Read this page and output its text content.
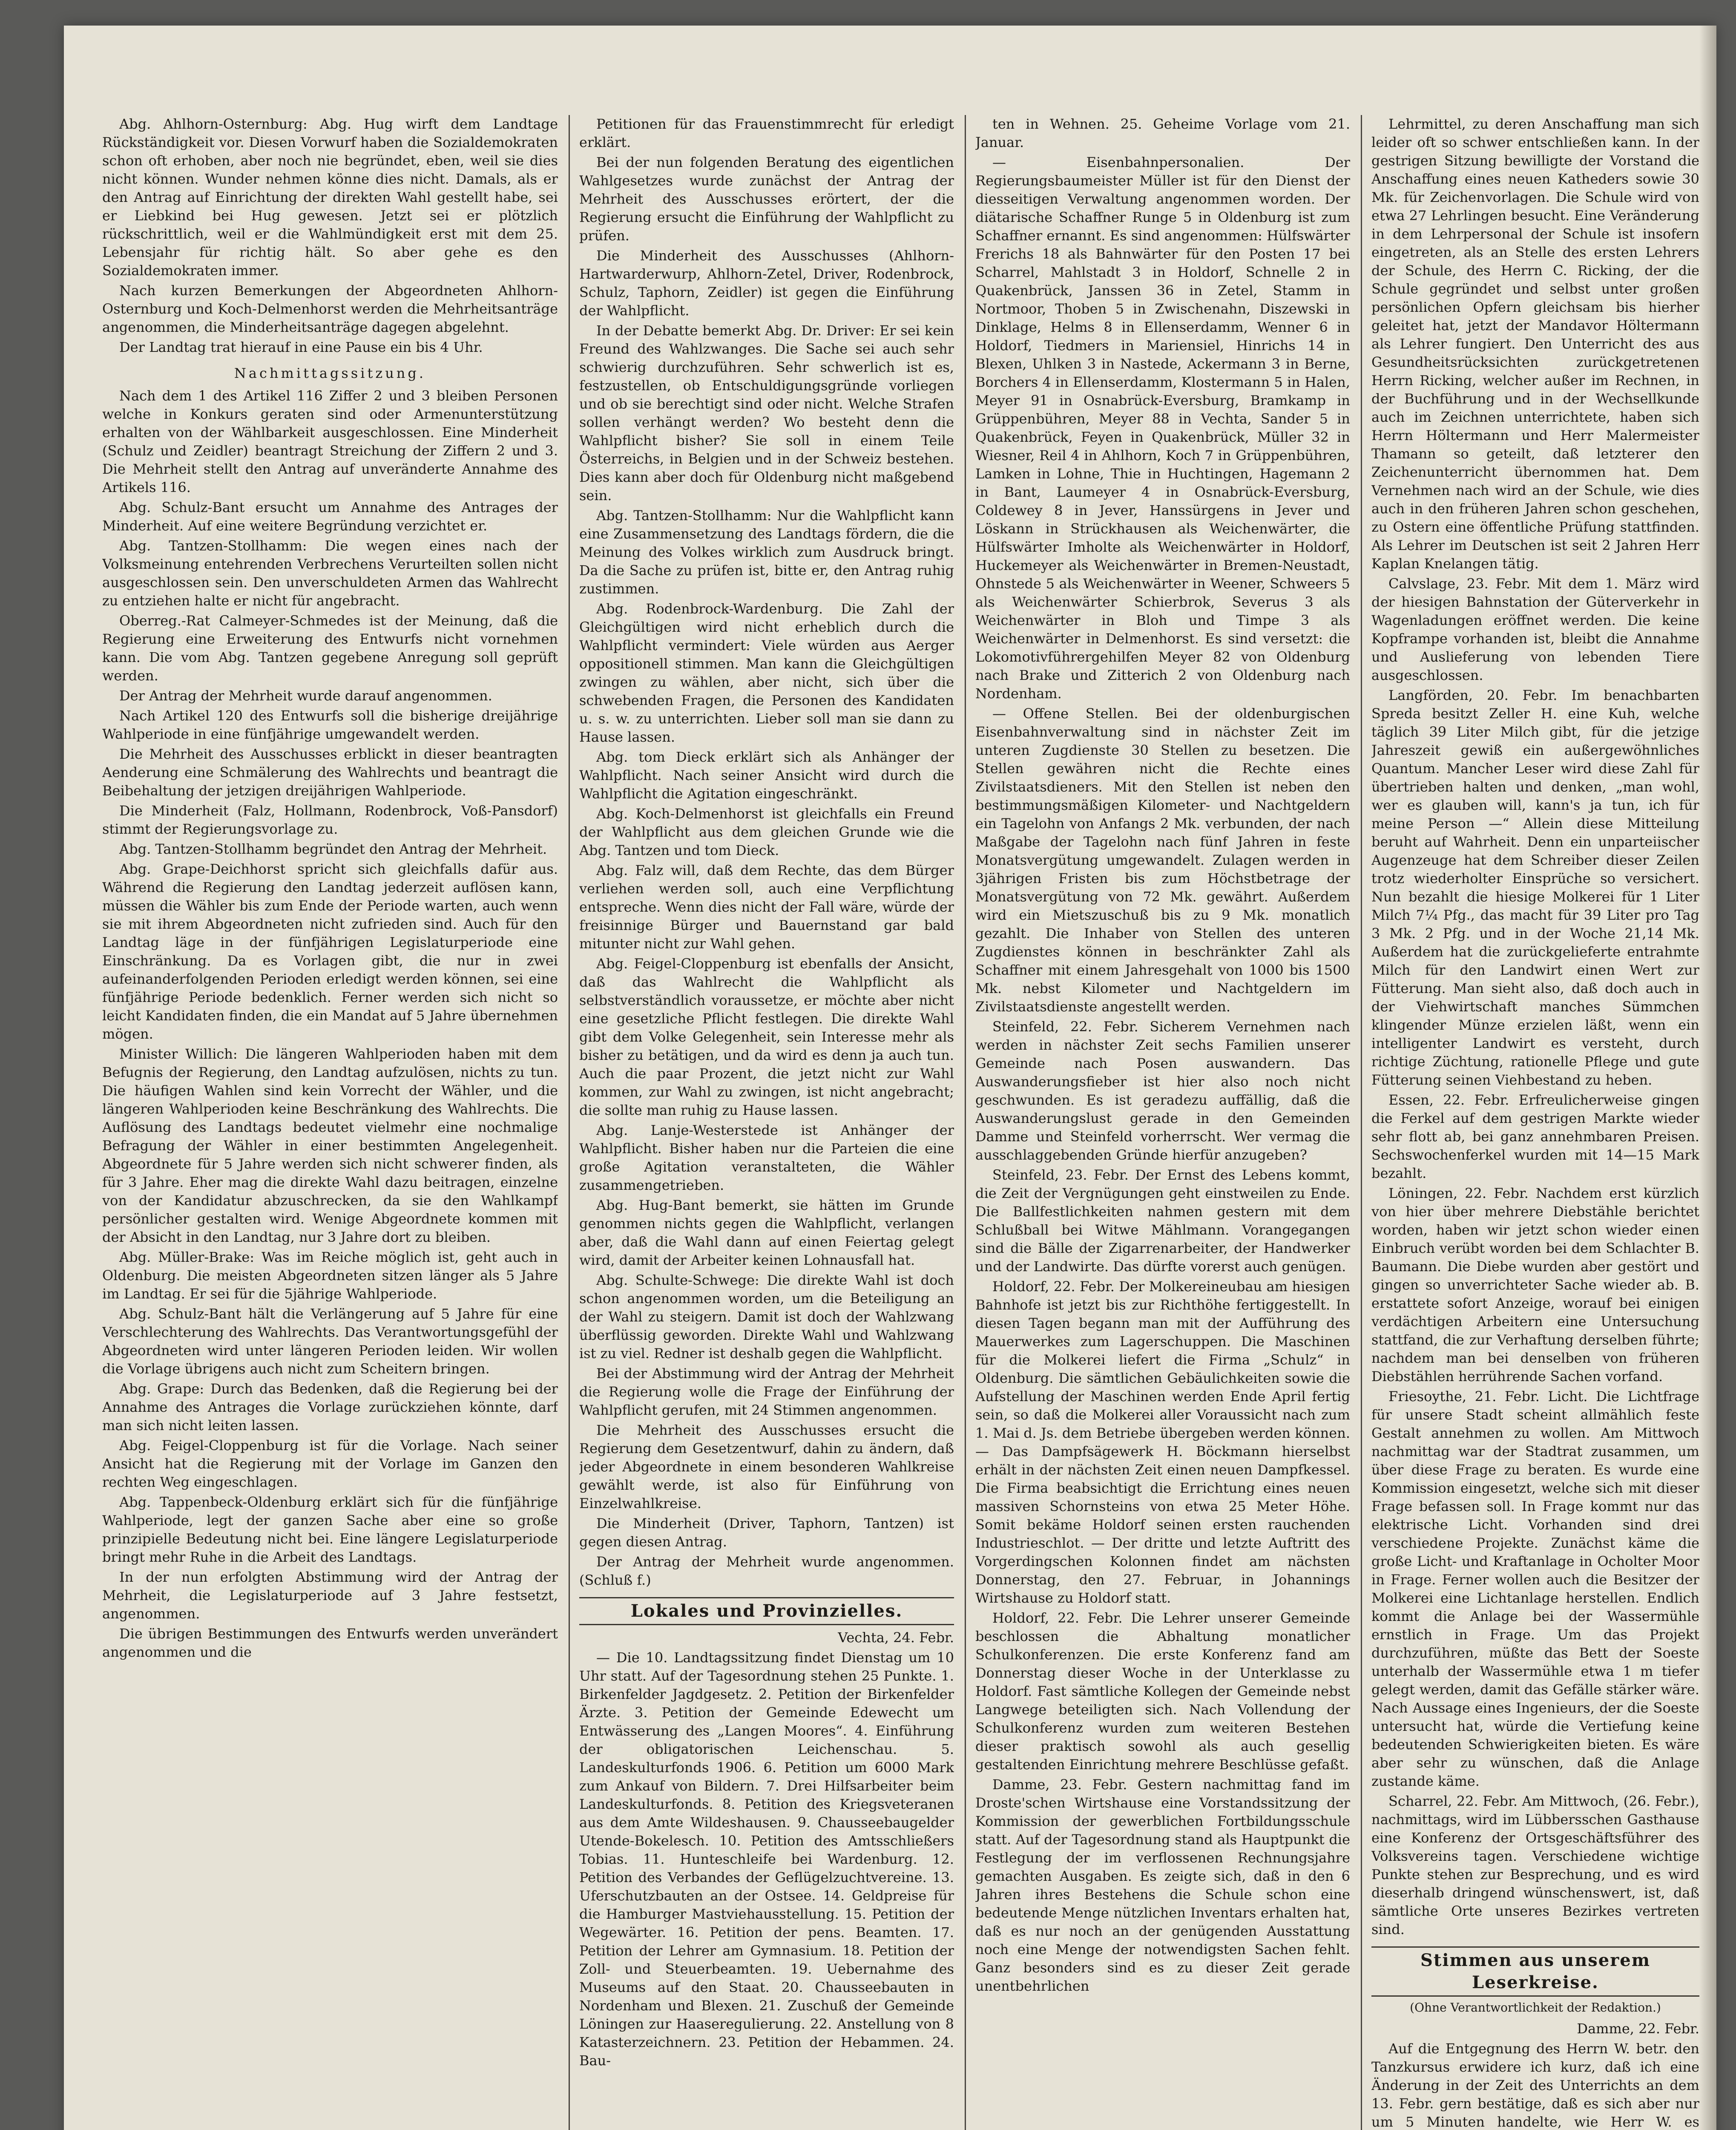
Abg. Ahlhorn-Osternburg: Abg. Hug wirft dem Landtage Rückständigkeit vor. Diesen Vorwurf haben die Sozialdemokraten schon oft erhoben, aber noch nie begründet, eben, weil sie dies nicht können. Wunder nehmen könne dies nicht. Damals, als er den Antrag auf Einrichtung der direkten Wahl gestellt habe, sei er Liebkind bei Hug gewesen. Jetzt sei er plötzlich rückschrittlich, weil er die Wahlmündigkeit erst mit dem 25. Lebensjahr für richtig hält. So aber gehe es den Sozialdemokraten immer.

Nach kurzen Bemerkungen der Abgeordneten Ahlhorn-Osternburg und Koch-Delmenhorst werden die Mehrheitsanträge angenommen, die Minderheitsanträge dagegen abgelehnt.

Der Landtag trat hierauf in eine Pause ein bis 4 Uhr.

Nachmittagssitzung.

Nach dem 1 des Artikel 116 Ziffer 2 und 3 bleiben Personen welche in Konkurs geraten sind oder Armenunterstützung erhalten von der Wählbarkeit ausgeschlossen. Eine Minderheit (Schulz und Zeidler) beantragt Streichung der Ziffern 2 und 3. Die Mehrheit stellt den Antrag auf unveränderte Annahme des Artikels 116.

Abg. Schulz-Bant ersucht um Annahme des Antrages der Minderheit. Auf eine weitere Begründung verzichtet er.

Abg. Tantzen-Stollhamm: Die wegen eines nach der Volksmeinung entehrenden Verbrechens Verurteilten sollen nicht ausgeschlossen sein. Den unverschuldeten Armen das Wahlrecht zu entziehen halte er nicht für angebracht.

Oberreg.-Rat Calmeyer-Schmedes ist der Meinung, daß die Regierung eine Erweiterung des Entwurfs nicht vornehmen kann. Die vom Abg. Tantzen gegebene Anregung soll geprüft werden.

Der Antrag der Mehrheit wurde darauf angenommen.

Nach Artikel 120 des Entwurfs soll die bisherige dreijährige Wahlperiode in eine fünfjährige umgewandelt werden.

Die Mehrheit des Ausschusses erblickt in dieser beantragten Aenderung eine Schmälerung des Wahlrechts und beantragt die Beibehaltung der jetzigen dreijährigen Wahlperiode.

Die Minderheit (Falz, Hollmann, Rodenbrock, Voß-Pansdorf) stimmt der Regierungsvorlage zu.

Abg. Tantzen-Stollhamm begründet den Antrag der Mehrheit.

Abg. Grape-Deichhorst spricht sich gleichfalls dafür aus. Während die Regierung den Landtag jederzeit auflösen kann, müssen die Wähler bis zum Ende der Periode warten, auch wenn sie mit ihrem Abgeordneten nicht zufrieden sind. Auch für den Landtag läge in der fünfjährigen Legislaturperiode eine Einschränkung. Da es Vorlagen gibt, die nur in zwei aufeinanderfolgenden Perioden erledigt werden können, sei eine fünfjährige Periode bedenklich. Ferner werden sich nicht so leicht Kandidaten finden, die ein Mandat auf 5 Jahre übernehmen mögen.

Minister Willich: Die längeren Wahlperioden haben mit dem Befugnis der Regierung, den Landtag aufzulösen, nichts zu tun. Die häufigen Wahlen sind kein Vorrecht der Wähler, und die längeren Wahlperioden keine Beschränkung des Wahlrechts. Die Auflösung des Landtags bedeutet vielmehr eine nochmalige Befragung der Wähler in einer bestimmten Angelegenheit. Abgeordnete für 5 Jahre werden sich nicht schwerer finden, als für 3 Jahre. Eher mag die direkte Wahl dazu beitragen, einzelne von der Kandidatur abzuschrecken, da sie den Wahlkampf persönlicher gestalten wird. Wenige Abgeordnete kommen mit der Absicht in den Landtag, nur 3 Jahre dort zu bleiben.

Abg. Müller-Brake: Was im Reiche möglich ist, geht auch in Oldenburg. Die meisten Abgeordneten sitzen länger als 5 Jahre im Landtag. Er sei für die 5jährige Wahlperiode.

Abg. Schulz-Bant hält die Verlängerung auf 5 Jahre für eine Verschlechterung des Wahlrechts. Das Verantwortungsgefühl der Abgeordneten wird unter längeren Perioden leiden. Wir wollen die Vorlage übrigens auch nicht zum Scheitern bringen.

Abg. Grape: Durch das Bedenken, daß die Regierung bei der Annahme des Antrages die Vorlage zurückziehen könnte, darf man sich nicht leiten lassen.

Abg. Feigel-Cloppenburg ist für die Vorlage. Nach seiner Ansicht hat die Regierung mit der Vorlage im Ganzen den rechten Weg eingeschlagen.

Abg. Tappenbeck-Oldenburg erklärt sich für die fünfjährige Wahlperiode, legt der ganzen Sache aber eine so große prinzipielle Bedeutung nicht bei. Eine längere Legislaturperiode bringt mehr Ruhe in die Arbeit des Landtags.

In der nun erfolgten Abstimmung wird der Antrag der Mehrheit, die Legislaturperiode auf 3 Jahre festsetzt, angenommen.

Die übrigen Bestimmungen des Entwurfs werden unverändert angenommen und die

Petitionen für das Frauenstimmrecht für erledigt erklärt.

Bei der nun folgenden Beratung des eigentlichen Wahlgesetzes wurde zunächst der Antrag der Mehrheit des Ausschusses erörtert, der die Regierung ersucht die Einführung der Wahlpflicht zu prüfen.

Die Minderheit des Ausschusses (Ahlhorn-Hartwarderwurp, Ahlhorn-Zetel, Driver, Rodenbrock, Schulz, Taphorn, Zeidler) ist gegen die Einführung der Wahlpflicht.

In der Debatte bemerkt Abg. Dr. Driver: Er sei kein Freund des Wahlzwanges. Die Sache sei auch sehr schwierig durchzuführen. Sehr schwerlich ist es, festzustellen, ob Entschuldigungsgründe vorliegen und ob sie berechtigt sind oder nicht. Welche Strafen sollen verhängt werden? Wo besteht denn die Wahlpflicht bisher? Sie soll in einem Teile Österreichs, in Belgien und in der Schweiz bestehen. Dies kann aber doch für Oldenburg nicht maßgebend sein.

Abg. Tantzen-Stollhamm: Nur die Wahlpflicht kann eine Zusammensetzung des Landtags fördern, die die Meinung des Volkes wirklich zum Ausdruck bringt. Da die Sache zu prüfen ist, bitte er, den Antrag ruhig zustimmen.

Abg. Rodenbrock-Wardenburg. Die Zahl der Gleichgültigen wird nicht erheblich durch die Wahlpflicht vermindert: Viele würden aus Aerger oppositionell stimmen. Man kann die Gleichgültigen zwingen zu wählen, aber nicht, sich über die schwebenden Fragen, die Personen des Kandidaten u. s. w. zu unterrichten. Lieber soll man sie dann zu Hause lassen.

Abg. tom Dieck erklärt sich als Anhänger der Wahlpflicht. Nach seiner Ansicht wird durch die Wahlpflicht die Agitation eingeschränkt.

Abg. Koch-Delmenhorst ist gleichfalls ein Freund der Wahlpflicht aus dem gleichen Grunde wie die Abg. Tantzen und tom Dieck.

Abg. Falz will, daß dem Rechte, das dem Bürger verliehen werden soll, auch eine Verpflichtung entspreche. Wenn dies nicht der Fall wäre, würde der freisinnige Bürger und Bauernstand gar bald mitunter nicht zur Wahl gehen.

Abg. Feigel-Cloppenburg ist ebenfalls der Ansicht, daß das Wahlrecht die Wahlpflicht als selbstverständlich voraussetze, er möchte aber nicht eine gesetzliche Pflicht festlegen. Die direkte Wahl gibt dem Volke Gelegenheit, sein Interesse mehr als bisher zu betätigen, und da wird es denn ja auch tun. Auch die paar Prozent, die jetzt nicht zur Wahl kommen, zur Wahl zu zwingen, ist nicht angebracht; die sollte man ruhig zu Hause lassen.

Abg. Lanje-Westerstede ist Anhänger der Wahlpflicht. Bisher haben nur die Parteien die eine große Agitation veranstalteten, die Wähler zusammengetrieben.

Abg. Hug-Bant bemerkt, sie hätten im Grunde genommen nichts gegen die Wahlpflicht, verlangen aber, daß die Wahl dann auf einen Feiertag gelegt wird, damit der Arbeiter keinen Lohnausfall hat.

Abg. Schulte-Schwege: Die direkte Wahl ist doch schon angenommen worden, um die Beteiligung an der Wahl zu steigern. Damit ist doch der Wahlzwang überflüssig geworden. Direkte Wahl und Wahlzwang ist zu viel. Redner ist deshalb gegen die Wahlpflicht.

Bei der Abstimmung wird der Antrag der Mehrheit die Regierung wolle die Frage der Einführung der Wahlpflicht gerufen, mit 24 Stimmen angenommen.

Die Mehrheit des Ausschusses ersucht die Regierung dem Gesetzentwurf, dahin zu ändern, daß jeder Abgeordnete in einem besonderen Wahlkreise gewählt werde, ist also für Einführung von Einzelwahlkreise.

Die Minderheit (Driver, Taphorn, Tantzen) ist gegen diesen Antrag.

Der Antrag der Mehrheit wurde angenommen. (Schluß f.)

Lokales und Provinzielles.

Vechta, 24. Febr.

— Die 10. Landtagssitzung findet Dienstag um 10 Uhr statt. Auf der Tagesordnung stehen 25 Punkte. 1. Birkenfelder Jagdgesetz. 2. Petition der Birkenfelder Ärzte. 3. Petition der Gemeinde Edewecht um Entwässerung des „Langen Moores“. 4. Einführung der obligatorischen Leichenschau. 5. Landeskulturfonds 1906. 6. Petition um 6000 Mark zum Ankauf von Bildern. 7. Drei Hilfsarbeiter beim Landeskulturfonds. 8. Petition des Kriegsveteranen aus dem Amte Wildeshausen. 9. Chausseebaugelder Utende-Bokelesch. 10. Petition des Amtsschließers Tobias. 11. Hunteschleife bei Wardenburg. 12. Petition des Verbandes der Geflügelzuchtvereine. 13. Uferschutzbauten an der Ostsee. 14. Geldpreise für die Hamburger Mastviehausstellung. 15. Petition der Wegewärter. 16. Petition der pens. Beamten. 17. Petition der Lehrer am Gymnasium. 18. Petition der Zoll- und Steuerbeamten. 19. Uebernahme des Museums auf den Staat. 20. Chausseebauten in Nordenham und Blexen. 21. Zuschuß der Gemeinde Löningen zur Haaseregulierung. 22. Anstellung von 8 Katasterzeichnern. 23. Petition der Hebammen. 24. Bau-

ten in Wehnen. 25. Geheime Vorlage vom 21. Januar.

— Eisenbahnpersonalien. Der Regierungsbaumeister Müller ist für den Dienst der diesseitigen Verwaltung angenommen worden. Der diätarische Schaffner Runge 5 in Oldenburg ist zum Schaffner ernannt. Es sind angenommen: Hülfswärter Frerichs 18 als Bahnwärter für den Posten 17 bei Scharrel, Mahlstadt 3 in Holdorf, Schnelle 2 in Quakenbrück, Janssen 36 in Zetel, Stamm in Nortmoor, Thoben 5 in Zwischenahn, Diszewski in Dinklage, Helms 8 in Ellenserdamm, Wenner 6 in Holdorf, Tiedmers in Mariensiel, Hinrichs 14 in Blexen, Uhlken 3 in Nastede, Ackermann 3 in Berne, Borchers 4 in Ellenserdamm, Klostermann 5 in Halen, Meyer 91 in Osnabrück-Eversburg, Bramkamp in Grüppenbühren, Meyer 88 in Vechta, Sander 5 in Quakenbrück, Feyen in Quakenbrück, Müller 32 in Wiesner, Reil 4 in Ahlhorn, Koch 7 in Grüppenbühren, Lamken in Lohne, Thie in Huchtingen, Hagemann 2 in Bant, Laumeyer 4 in Osnabrück-Eversburg, Coldewey 8 in Jever, Hanssürgens in Jever und Löskann in Strückhausen als Weichenwärter, die Hülfswärter Imholte als Weichenwärter in Holdorf, Huckemeyer als Weichenwärter in Bremen-Neustadt, Ohnstede 5 als Weichenwärter in Weener, Schweers 5 als Weichenwärter Schierbrok, Severus 3 als Weichenwärter in Bloh und Timpe 3 als Weichenwärter in Delmenhorst. Es sind versetzt: die Lokomotivführergehilfen Meyer 82 von Oldenburg nach Brake und Zitterich 2 von Oldenburg nach Nordenham.

— Offene Stellen. Bei der oldenburgischen Eisenbahnverwaltung sind in nächster Zeit im unteren Zugdienste 30 Stellen zu besetzen. Die Stellen gewähren nicht die Rechte eines Zivilstaatsdieners. Mit den Stellen ist neben den bestimmungsmäßigen Kilometer- und Nachtgeldern ein Tagelohn von Anfangs 2 Mk. verbunden, der nach Maßgabe der Tagelohn nach fünf Jahren in feste Monatsvergütung umgewandelt. Zulagen werden in 3jährigen Fristen bis zum Höchstbetrage der Monatsvergütung von 72 Mk. gewährt. Außerdem wird ein Mietszuschuß bis zu 9 Mk. monatlich gezahlt. Die Inhaber von Stellen des unteren Zugdienstes können in beschränkter Zahl als Schaffner mit einem Jahresgehalt von 1000 bis 1500 Mk. nebst Kilometer und Nachtgeldern im Zivilstaatsdienste angestellt werden.

Steinfeld, 22. Febr. Sicherem Vernehmen nach werden in nächster Zeit sechs Familien unserer Gemeinde nach Posen auswandern. Das Auswanderungsfieber ist hier also noch nicht geschwunden. Es ist geradezu auffällig, daß die Auswanderungslust gerade in den Gemeinden Damme und Steinfeld vorherrscht. Wer vermag die ausschlaggebenden Gründe hierfür anzugeben?

Steinfeld, 23. Febr. Der Ernst des Lebens kommt, die Zeit der Vergnügungen geht einstweilen zu Ende. Die Ballfestlichkeiten nahmen gestern mit dem Schlußball bei Witwe Mählmann. Vorangegangen sind die Bälle der Zigarrenarbeiter, der Handwerker und der Landwirte. Das dürfte vorerst auch genügen.

Holdorf, 22. Febr. Der Molkereineubau am hiesigen Bahnhofe ist jetzt bis zur Richthöhe fertiggestellt. In diesen Tagen begann man mit der Aufführung des Mauerwerkes zum Lagerschuppen. Die Maschinen für die Molkerei liefert die Firma „Schulz“ in Oldenburg. Die sämtlichen Gebäulichkeiten sowie die Aufstellung der Maschinen werden Ende April fertig sein, so daß die Molkerei aller Voraussicht nach zum 1. Mai d. Js. dem Betriebe übergeben werden können. — Das Dampfsägewerk H. Böckmann hierselbst erhält in der nächsten Zeit einen neuen Dampfkessel. Die Firma beabsichtigt die Errichtung eines neuen massiven Schornsteins von etwa 25 Meter Höhe. Somit bekäme Holdorf seinen ersten rauchenden Industrieschlot. — Der dritte und letzte Auftritt des Vorgerdingschen Kolonnen findet am nächsten Donnerstag, den 27. Februar, in Johannings Wirtshause zu Holdorf statt.

Holdorf, 22. Febr. Die Lehrer unserer Gemeinde beschlossen die Abhaltung monatlicher Schulkonferenzen. Die erste Konferenz fand am Donnerstag dieser Woche in der Unterklasse zu Holdorf. Fast sämtliche Kollegen der Gemeinde nebst Langwege beteiligten sich. Nach Vollendung der Schulkonferenz wurden zum weiteren Bestehen dieser praktisch sowohl als auch gesellig gestaltenden Einrichtung mehrere Beschlüsse gefaßt.

Damme, 23. Febr. Gestern nachmittag fand im Droste'schen Wirtshause eine Vorstandssitzung der Kommission der gewerblichen Fortbildungsschule statt. Auf der Tagesordnung stand als Hauptpunkt die Festlegung der im verflossenen Rechnungsjahre gemachten Ausgaben. Es zeigte sich, daß in den 6 Jahren ihres Bestehens die Schule schon eine bedeutende Menge nützlichen Inventars erhalten hat, daß es nur noch an der genügenden Ausstattung noch eine Menge der notwendigsten Sachen fehlt. Ganz besonders sind es zu dieser Zeit gerade unentbehrlichen

Lehrmittel, zu deren Anschaffung man sich leider oft so schwer entschließen kann. In der gestrigen Sitzung bewilligte der Vorstand die Anschaffung eines neuen Katheders sowie 30 Mk. für Zeichenvorlagen. Die Schule wird von etwa 27 Lehrlingen besucht. Eine Veränderung in dem Lehrpersonal der Schule ist insofern eingetreten, als an Stelle des ersten Lehrers der Schule, des Herrn C. Ricking, der die Schule gegründet und selbst unter großen persönlichen Opfern gleichsam bis hierher geleitet hat, jetzt der Mandavor Höltermann als Lehrer fungiert. Den Unterricht des aus Gesundheitsrücksichten zurückgetretenen Herrn Ricking, welcher außer im Rechnen, in der Buchführung und in der Wechsellkunde auch im Zeichnen unterrichtete, haben sich Herrn Höltermann und Herr Malermeister Thamann so geteilt, daß letzterer den Zeichenunterricht übernommen hat. Dem Vernehmen nach wird an der Schule, wie dies auch in den früheren Jahren schon geschehen, zu Ostern eine öffentliche Prüfung stattfinden. Als Lehrer im Deutschen ist seit 2 Jahren Herr Kaplan Knelangen tätig.

Calvslage, 23. Febr. Mit dem 1. März wird der hiesigen Bahnstation der Güterverkehr in Wagenladungen eröffnet werden. Die keine Kopframpe vorhanden ist, bleibt die Annahme und Auslieferung von lebenden Tiere ausgeschlossen.

Langförden, 20. Febr. Im benachbarten Spreda besitzt Zeller H. eine Kuh, welche täglich 39 Liter Milch gibt, für die jetzige Jahreszeit gewiß ein außergewöhnliches Quantum. Mancher Leser wird diese Zahl für übertrieben halten und denken, „man wohl, wer es glauben will, kann's ja tun, ich für meine Person —“ Allein diese Mitteilung beruht auf Wahrheit. Denn ein unparteiischer Augenzeuge hat dem Schreiber dieser Zeilen trotz wiederholter Einsprüche so versichert. Nun bezahlt die hiesige Molkerei für 1 Liter Milch 7¼ Pfg., das macht für 39 Liter pro Tag 3 Mk. 2 Pfg. und in der Woche 21,14 Mk. Außerdem hat die zurückgelieferte entrahmte Milch für den Landwirt einen Wert zur Fütterung. Man sieht also, daß doch auch in der Viehwirtschaft manches Sümmchen klingender Münze erzielen läßt, wenn ein intelligenter Landwirt es versteht, durch richtige Züchtung, rationelle Pflege und gute Fütterung seinen Viehbestand zu heben.

Essen, 22. Febr. Erfreulicherweise gingen die Ferkel auf dem gestrigen Markte wieder sehr flott ab, bei ganz annehmbaren Preisen. Sechswochenferkel wurden mit 14—15 Mark bezahlt.

Löningen, 22. Febr. Nachdem erst kürzlich von hier über mehrere Diebstähle berichtet worden, haben wir jetzt schon wieder einen Einbruch verübt worden bei dem Schlachter B. Baumann. Die Diebe wurden aber gestört und gingen so unverrichteter Sache wieder ab. B. erstattete sofort Anzeige, worauf bei einigen verdächtigen Arbeitern eine Untersuchung stattfand, die zur Verhaftung derselben führte; nachdem man bei denselben von früheren Diebstählen herrührende Sachen vorfand.

Friesoythe, 21. Febr. Licht. Die Lichtfrage für unsere Stadt scheint allmählich feste Gestalt annehmen zu wollen. Am Mittwoch nachmittag war der Stadtrat zusammen, um über diese Frage zu beraten. Es wurde eine Kommission eingesetzt, welche sich mit dieser Frage befassen soll. In Frage kommt nur das elektrische Licht. Vorhanden sind drei verschiedene Projekte. Zunächst käme die große Licht- und Kraftanlage in Ocholter Moor in Frage. Ferner wollen auch die Besitzer der Molkerei eine Lichtanlage herstellen. Endlich kommt die Anlage bei der Wassermühle ernstlich in Frage. Um das Projekt durchzuführen, müßte das Bett der Soeste unterhalb der Wassermühle etwa 1 m tiefer gelegt werden, damit das Gefälle stärker wäre. Nach Aussage eines Ingenieurs, der die Soeste untersucht hat, würde die Vertiefung keine bedeutenden Schwierigkeiten bieten. Es wäre aber sehr zu wünschen, daß die Anlage zustande käme.

Scharrel, 22. Febr. Am Mittwoch, (26. Febr.), nachmittags, wird im Lübbersschen Gasthause eine Konferenz der Ortsgeschäftsführer des Volksvereins tagen. Verschiedene wichtige Punkte stehen zur Besprechung, und es wird dieserhalb dringend wünschenswert, ist, daß sämtliche Orte unseres Bezirkes vertreten sind.

Stimmen aus unserem Leserkreise.
(Ohne Verantwortlichkeit der Redaktion.)

Damme, 22. Febr.

Auf die Entgegnung des Herrn W. betr. den Tanzkursus erwidere ich kurz, daß ich eine Änderung in der Zeit des Unterrichts an dem 13. Febr. gern bestätige, daß es sich aber nur um 5 Minuten handelte, wie Herr W. es
